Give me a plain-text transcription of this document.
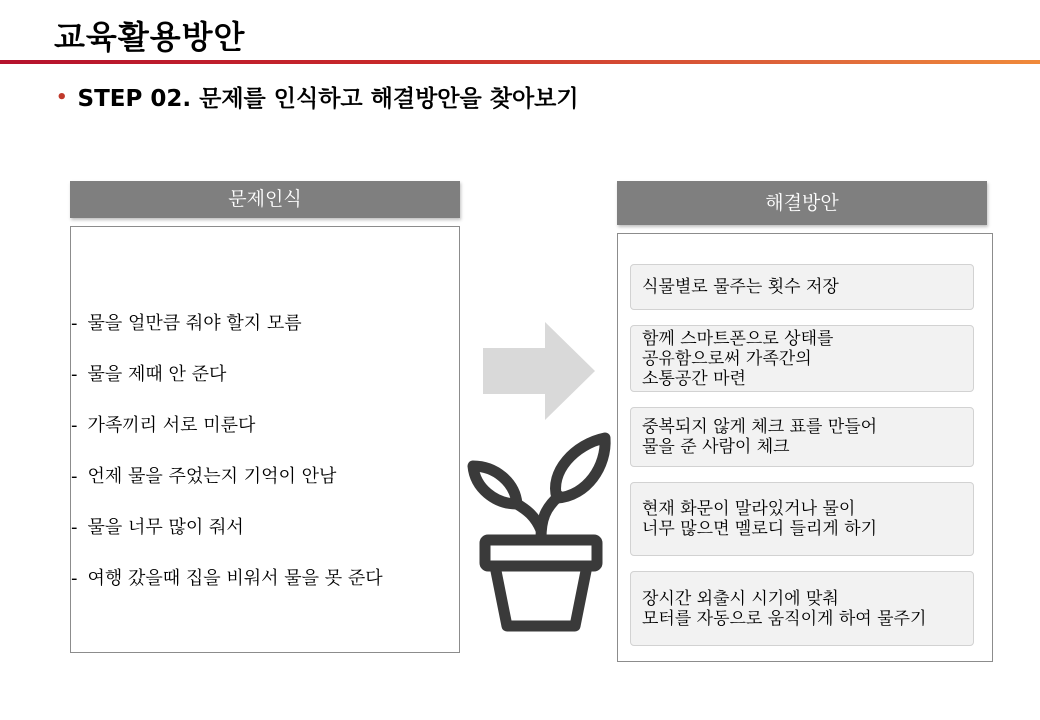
교육활용방안
• STEP 02. 문제를 인식하고 해결방안을 찾아보기
문제인식
- 물을 얼만큼 줘야 할지 모름
- 물을 제때 안 준다
- 가족끼리 서로 미룬다
- 언제 물을 주었는지 기억이 안남
- 물을 너무 많이 줘서
- 여행 갔을때 집을 비워서 물을 못 준다
해결방안
식물별로 물주는 횟수 저장
함께 스마트폰으로 상태를
공유함으로써 가족간의
소통공간 마련
중복되지 않게 체크 표를 만들어
물을 준 사람이 체크
현재 화문이 말라있거나 물이
너무 많으면 멜로디 들리게 하기
장시간 외출시 시기에 맞춰
모터를 자동으로 움직이게 하여 물주기
